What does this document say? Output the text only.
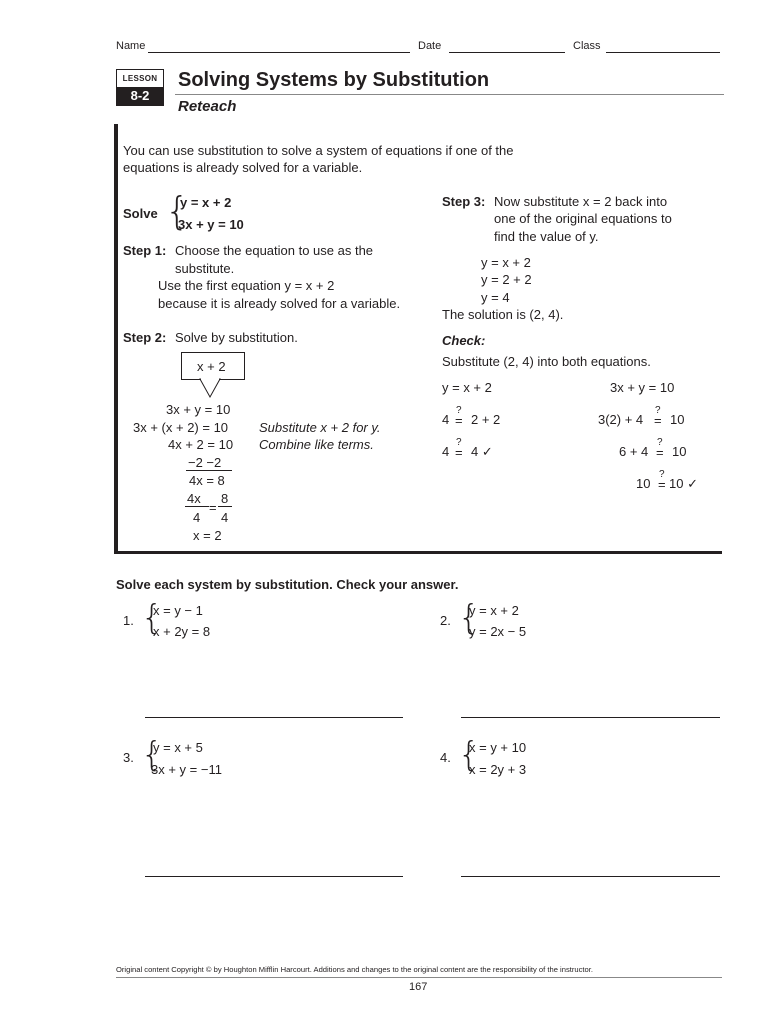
Name	Date	Class
LESSON
8-2
Solving Systems by Substitution
Reteach
You can use substitution to solve a system of equations if one of the
equations is already solved for a variable.
Solve {
y = x + 2
3x + y = 10
Step 1: Choose the equation to use as the
substitute.
Use the first equation y = x + 2
because it is already solved for a variable.
Step 2: Solve by substitution.
x + 2
3x + y = 10
3x + (x + 2) = 10
4x + 2 = 10
−2 −2
4x = 8
4x 8
=
4 4
x = 2
Substitute x + 2 for y.
Combine like terms.
Step 3: Now substitute x = 2 back into
one of the original equations to
find the value of y.
y = x + 2
y = 2 + 2
y = 4
The solution is (2, 4).
Check:
Substitute (2, 4) into both equations.
y = x + 2
4
?
= 2 + 2
4
?
= 4 ✓
3x + y = 10
3(2) + 4
?
= 10
6 + 4
?
= 10
10
?
= 10 ✓
Solve each system by substitution. Check your answer.
1. {
x = y − 1
x + 2y = 8
2. {
y = x + 2
y = 2x − 5
3. {
y = x + 5
3x + y = −11
4. {
x = y + 10
x = 2y + 3
Original content Copyright © by Houghton Mifflin Harcourt. Additions and changes to the original content are the responsibility of the instructor.
167
